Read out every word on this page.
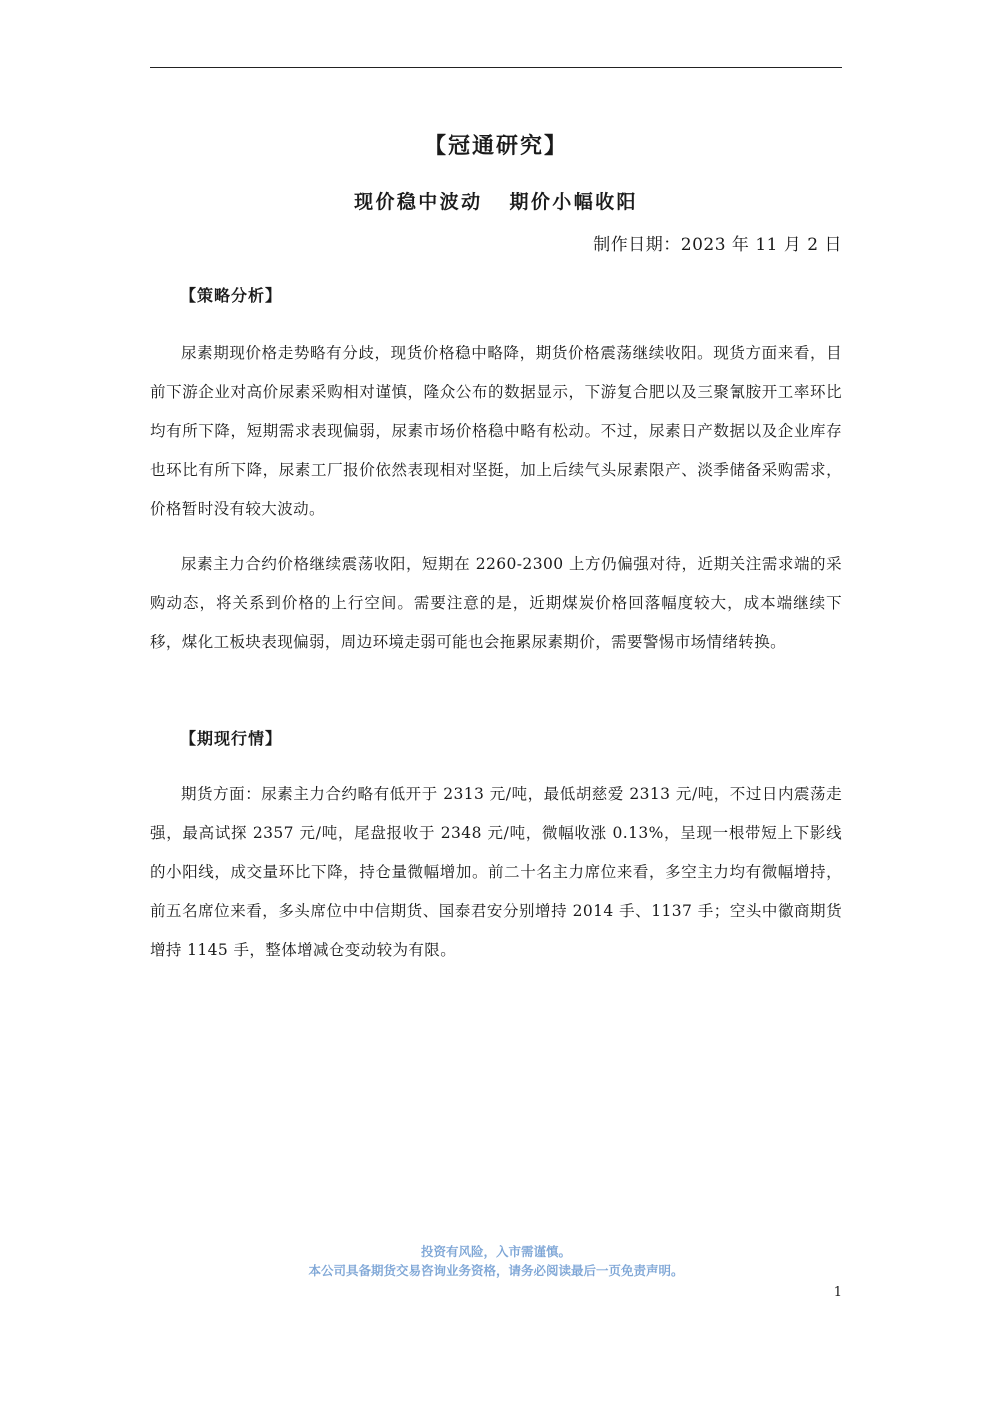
【冠通研究】
现价稳中波动   期价小幅收阳
制作日期：2023 年 11 月 2 日
【策略分析】

尿素期现价格走势略有分歧，现货价格稳中略降，期货价格震荡继续收阳。现货方面来看，目前下游企业对高价尿素采购相对谨慎，隆众公布的数据显示，下游复合肥以及三聚氰胺开工率环比均有所下降，短期需求表现偏弱，尿素市场价格稳中略有松动。不过，尿素日产数据以及企业库存也环比有所下降，尿素工厂报价依然表现相对坚挺，加上后续气头尿素限产、淡季储备采购需求，价格暂时没有较大波动。

尿素主力合约价格继续震荡收阳，短期在 2260-2300 上方仍偏强对待，近期关注需求端的采购动态，将关系到价格的上行空间。需要注意的是，近期煤炭价格回落幅度较大，成本端继续下移，煤化工板块表现偏弱，周边环境走弱可能也会拖累尿素期价，需要警惕市场情绪转换。

【期现行情】

期货方面：尿素主力合约略有低开于 2313 元/吨，最低胡慈爱 2313 元/吨，不过日内震荡走强，最高试探 2357 元/吨，尾盘报收于 2348 元/吨，微幅收涨 0.13%，呈现一根带短上下影线的小阳线，成交量环比下降，持仓量微幅增加。前二十名主力席位来看，多空主力均有微幅增持，前五名席位来看，多头席位中中信期货、国泰君安分别增持 2014 手、1137 手；空头中徽商期货增持 1145 手，整体增减仓变动较为有限。

投资有风险，入市需谨慎。
本公司具备期货交易咨询业务资格，请务必阅读最后一页免责声明。
1
